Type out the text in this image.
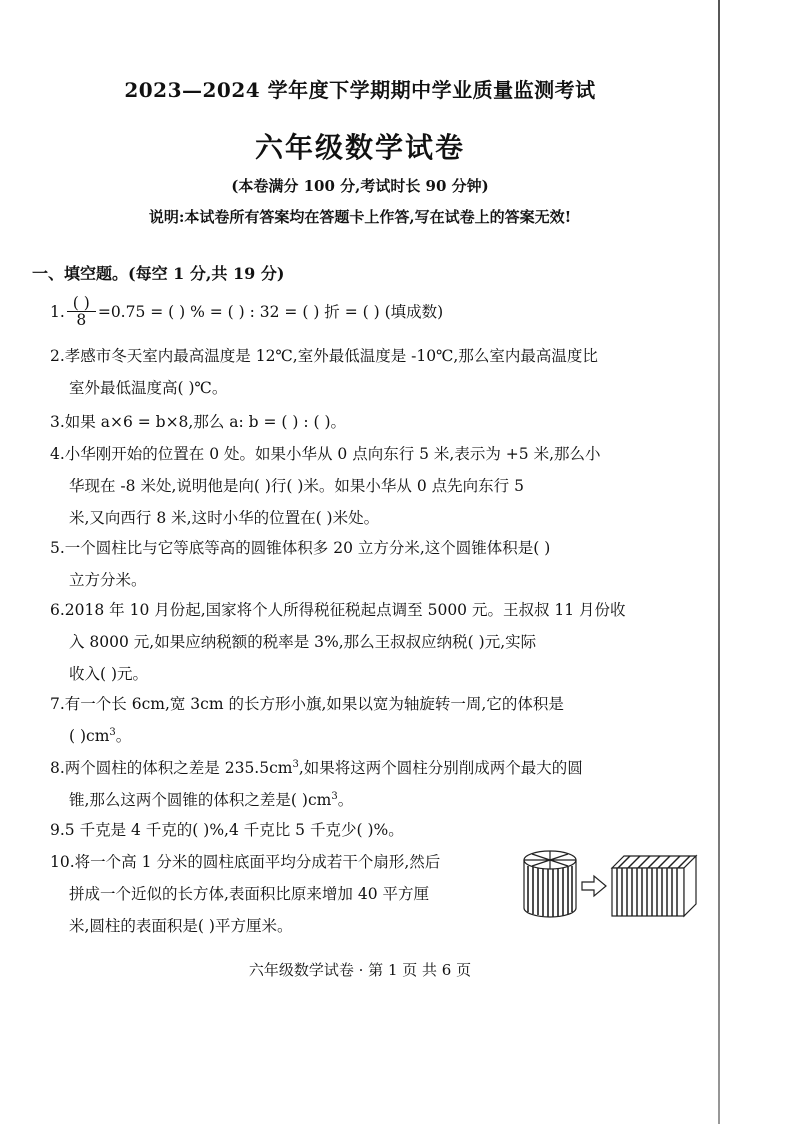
2023—2024 学年度下学期期中学业质量监测考试
六年级数学试卷
(本卷满分 100 分,考试时长 90 分钟)
说明:本试卷所有答案均在答题卡上作答,写在试卷上的答案无效!
一、填空题。(每空 1 分,共 19 分)
1. $\frac{( )}{8} =0.75$ = ( ) % = ( ) : 32 = ( ) 折 = ( ) (填成数)
2.孝感市冬天室内最高温度是 12℃,室外最低温度是 -10℃,那么室内最高温度比
室外最低温度高( )℃。
3.如果 a×6 = b×8,那么 a: b = ( ) : ( )。
4.小华刚开始的位置在 0 处。如果小华从 0 点向东行 5 米,表示为 +5 米,那么小
华现在 -8 米处,说明他是向( )行( )米。如果小华从 0 点先向东行 5
米,又向西行 8 米,这时小华的位置在( )米处。
5.一个圆柱比与它等底等高的圆锥体积多 20 立方分米,这个圆锥体积是( )
立方分米。
6.2018 年 10 月份起,国家将个人所得税征税起点调至 5000 元。王叔叔 11 月份收
入 8000 元,如果应纳税额的税率是 3%,那么王叔叔应纳税( )元,实际
收入( )元。
7.有一个长 6cm,宽 3cm 的长方形小旗,如果以宽为轴旋转一周,它的体积是
( )$cm^3$。
8.两个圆柱的体积之差是 $235.5cm^3$,如果将这两个圆柱分别削成两个最大的圆
锥,那么这两个圆锥的体积之差是( )$cm^3$。
9.5 千克是 4 千克的( )%,4 千克比 5 千克少( )%。
10.将一个高 1 分米的圆柱底面平均分成若干个扇形,然后
拼成一个近似的长方体,表面积比原来增加 40 平方厘
米,圆柱的表面积是( )平方厘米。
六年级数学试卷 · 第 1 页 共 6 页
